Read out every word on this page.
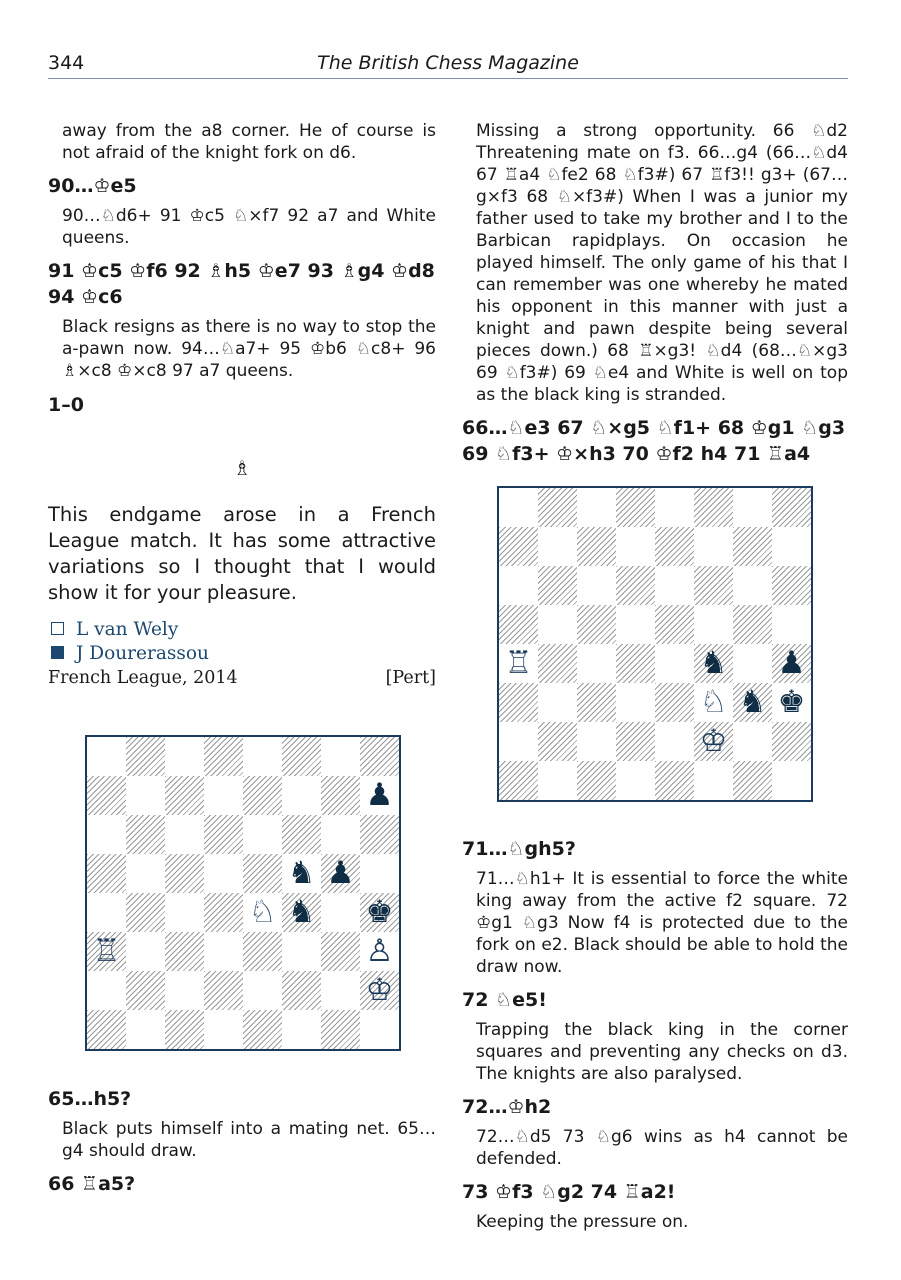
344	The British Chess Magazine

away from the a8 corner. He of course is not afraid of the knight fork on d6.

90…♔e5

90…♘d6+ 91 ♔c5 ♘×f7 92 a7 and White queens.

91 ♔c5 ♔f6 92 ♗h5 ♔e7 93 ♗g4 ♔d8 94 ♔c6

Black resigns as there is no way to stop the a-pawn now. 94…♘a7+ 95 ♔b6 ♘c8+ 96 ♗×c8 ♔×c8 97 a7 queens.

1–0

♗

This endgame arose in a French League match. It has some attractive variations so I thought that I would show it for your pleasure.

L van Wely
J Dourerassou
French League, 2014	[Pert]
♟
♞ ♟
♘ ♞ ♚
♖	♙
♔
♖	♞ ♟
♘ ♞ ♚
♔

65…h5?

Black puts himself into a mating net. 65…g4 should draw.

66 ♖a5?

Missing a strong opportunity. 66 ♘d2 Threatening mate on f3. 66…g4 (66…♘d4 67 ♖a4 ♘fe2 68 ♘f3#) 67 ♖f3!! g3+ (67…g×f3 68 ♘×f3#) When I was a junior my father used to take my brother and I to the Barbican rapidplays. On occasion he played himself. The only game of his that I can remember was one whereby he mated his opponent in this manner with just a knight and pawn despite being several pieces down.) 68 ♖×g3! ♘d4 (68…♘×g3 69 ♘f3#) 69 ♘e4 and White is well on top as the black king is stranded.

66…♘e3 67 ♘×g5 ♘f1+ 68 ♔g1 ♘g3 69 ♘f3+ ♔×h3 70 ♔f2 h4 71 ♖a4

71…♘gh5?

71…♘h1+ It is essential to force the white king away from the active f2 square. 72 ♔g1 ♘g3 Now f4 is protected due to the fork on e2. Black should be able to hold the draw now.

72 ♘e5!

Trapping the black king in the corner squares and preventing any checks on d3. The knights are also paralysed.

72…♔h2

72…♘d5 73 ♘g6 wins as h4 cannot be defended.

73 ♔f3 ♘g2 74 ♖a2!

Keeping the pressure on.
